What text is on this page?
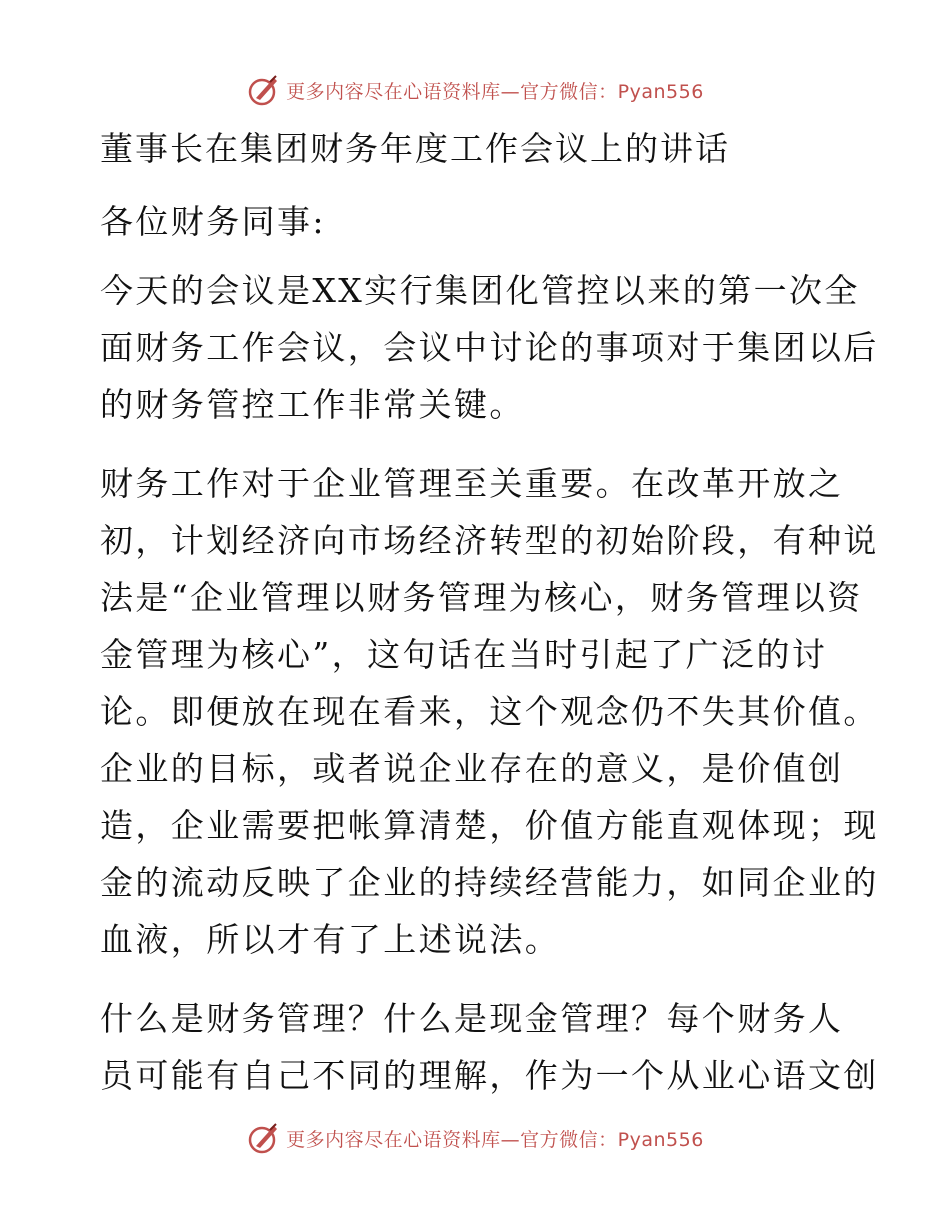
更多内容尽在心语资料库—官方微信：Pyan556
董事长在集团财务年度工作会议上的讲话
各位财务同事:
今天的会议是XX实行集团化管控以来的第一次全
面财务工作会议，会议中讨论的事项对于集团以后
的财务管控工作非常关键。
财务工作对于企业管理至关重要。在改革开放之
初，计划经济向市场经济转型的初始阶段，有种说
法是“企业管理以财务管理为核心，财务管理以资
金管理为核心”，这句话在当时引起了广泛的讨
论。即便放在现在看来，这个观念仍不失其价值。
企业的目标，或者说企业存在的意义，是价值创
造，企业需要把帐算清楚，价值方能直观体现；现
金的流动反映了企业的持续经营能力，如同企业的
血液，所以才有了上述说法。
什么是财务管理？什么是现金管理？每个财务人
员可能有自己不同的理解，作为一个从业心语文创
更多内容尽在心语资料库—官方微信：Pyan556
